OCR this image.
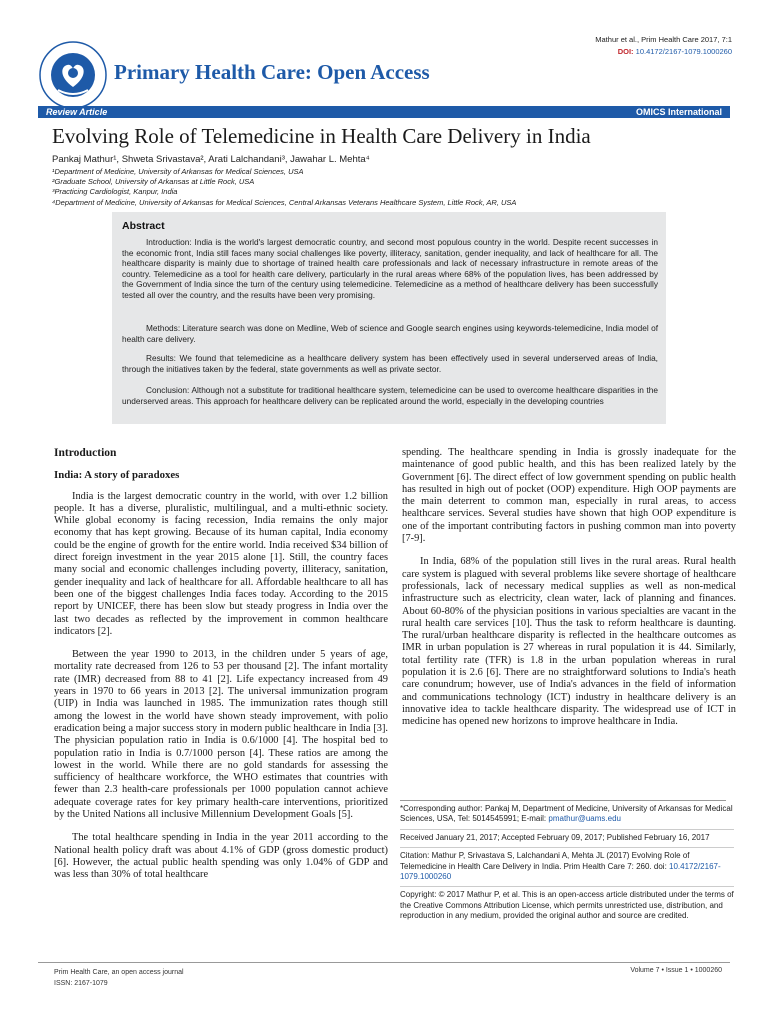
Primary Health Care: Open Access
Mathur et al., Prim Health Care 2017, 7:1
DOI: 10.4172/2167-1079.1000260
Review Article	OMICS International
Evolving Role of Telemedicine in Health Care Delivery in India
Pankaj Mathur¹, Shweta Srivastava², Arati Lalchandani³, Jawahar L. Mehta⁴
¹Department of Medicine, University of Arkansas for Medical Sciences, USA
²Graduate School, University of Arkansas at Little Rock, USA
³Practicing Cardiologist, Kanpur, India
⁴Department of Medicine, University of Arkansas for Medical Sciences, Central Arkansas Veterans Healthcare System, Little Rock, AR, USA
Abstract

Introduction: India is the world's largest democratic country, and second most populous country in the world. Despite recent successes in the economic front, India still faces many social challenges like poverty, illiteracy, sanitation, gender inequality, and lack of healthcare for all. The healthcare disparity is mainly due to shortage of trained health care professionals and lack of necessary infrastructure in remote areas of the country. Telemedicine as a tool for health care delivery, particularly in the rural areas where 68% of the population lives, has been addressed by the Government of India since the turn of the century using telemedicine. Telemedicine as a method of healthcare delivery has been successfully tested all over the country, and the results have been very promising.

Methods: Literature search was done on Medline, Web of science and Google search engines using keywords-telemedicine, India model of health care delivery.

Results: We found that telemedicine as a healthcare delivery system has been effectively used in several underserved areas of India, through the initiatives taken by the federal, state governments as well as private sector.

Conclusion: Although not a substitute for traditional healthcare system, telemedicine can be used to overcome healthcare disparities in the underserved areas. This approach for healthcare delivery can be replicated around the world, especially in the developing countries

Introduction
India: A story of paradoxes

India is the largest democratic country in the world, with over 1.2 billion people. It has a diverse, pluralistic, multilingual, and a multi-ethnic society. While global economy is facing recession, India remains the only major economy that has kept growing. Because of its human capital, India economy could be the engine of growth for the entire world. India received $34 billion of direct foreign investment in the year 2015 alone [1]. Still, the country faces many social and economic challenges including poverty, illiteracy, sanitation, gender inequality and lack of healthcare for all. Affordable healthcare to all has been one of the biggest challenges India faces today. According to the 2015 report by UNICEF, there has been slow but steady progress in India over the last two decades as reflected by the improvement in common healthcare indicators [2].

Between the year 1990 to 2013, in the children under 5 years of age, mortality rate decreased from 126 to 53 per thousand [2]. The infant mortality rate (IMR) decreased from 88 to 41 [2]. Life expectancy increased from 49 years in 1970 to 66 years in 2013 [2]. The universal immunization program (UIP) in India was launched in 1985. The immunization rates though still among the lowest in the world have shown steady improvement, with polio eradication being a major success story in modern public healthcare in India [3]. The physician population ratio in India is 0.6/1000 [4]. The hospital bed to population ratio in India is 0.7/1000 person [4]. These ratios are among the lowest in the world. While there are no gold standards for assessing the sufficiency of healthcare workforce, the WHO estimates that countries with fewer than 2.3 health-care professionals per 1000 population cannot achieve adequate coverage rates for key primary health-care interventions, prioritized by the United Nations all inclusive Millennium Development Goals [5].

The total healthcare spending in India in the year 2011 according to the National health policy draft was about 4.1% of GDP (gross domestic product) [6]. However, the actual public health spending was only 1.04% of GDP and was less than 30% of total healthcare

spending. The healthcare spending in India is grossly inadequate for the maintenance of good public health, and this has been realized lately by the Government [6]. The direct effect of low government spending on public health has resulted in high out of pocket (OOP) expenditure. High OOP payments are the main deterrent to common man, especially in rural areas, to access healthcare services. Several studies have shown that high OOP expenditure is one of the important contributing factors in pushing common man into poverty [7-9].

In India, 68% of the population still lives in the rural areas. Rural health care system is plagued with several problems like severe shortage of healthcare professionals, lack of necessary medical supplies as well as non-medical infrastructure such as electricity, clean water, lack of planning and finances. About 60-80% of the physician positions in various specialties are vacant in the rural health care services [10]. Thus the task to reform healthcare is daunting. The rural/urban healthcare disparity is reflected in the healthcare outcomes as IMR in urban population is 27 whereas in rural population it is 44. Similarly, total fertility rate (TFR) is 1.8 in the urban population whereas in rural population it is 2.6 [6]. There are no straightforward solutions to India's heath care conundrum; however, use of India's advances in the field of information and communications technology (ICT) industry in healthcare delivery is an innovative idea to tackle healthcare disparity. The widespread use of ICT in medicine has opened new horizons to improve healthcare in India.

*Corresponding author: Pankaj M, Department of Medicine, University of Arkansas for Medical Sciences, USA, Tel: 5014545991; E-mail: pmathur@uams.edu
Received January 21, 2017; Accepted February 09, 2017; Published February 16, 2017
Citation: Mathur P, Srivastava S, Lalchandani A, Mehta JL (2017) Evolving Role of Telemedicine in Health Care Delivery in India. Prim Health Care 7: 260. doi: 10.4172/2167-1079.1000260
Copyright: © 2017 Mathur P, et al. This is an open-access article distributed under the terms of the Creative Commons Attribution License, which permits unrestricted use, distribution, and reproduction in any medium, provided the original author and source are credited.
Prim Health Care, an open access journal
ISSN: 2167-1079
Volume 7 • Issue 1 • 1000260
